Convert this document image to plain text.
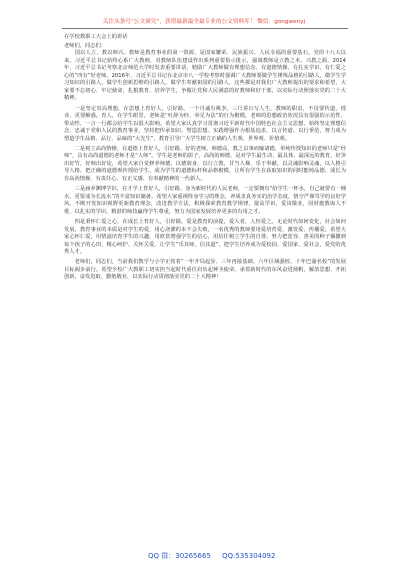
关注头条号“公文研究”，获得最新最全最专业的公文资料库！ 微信：gongwenyj

在学校教职工大会上的讲话

老师们，同志们：

国以人立，教以师兴。教师是教育事业的第一资源、是国家繁荣、民族振兴、人民幸福的重要基石，党的十八大以来，习近平总书记始终心系广大教师，对教师队伍建设作出系列重要指示批示，强调教师是立教之本、兴教之源。2014年，习近平总书记考察北京师范大学时发表重要讲话，勉励广大教师做有理想信念、有道德情操、有扎实学识、有仁爱之心的“四有”好老师。2016年，习近平总书记在北京市八一学校考察时强调广大教师要做学生锤炼品格的引路人，做学生学习知识的引路人，做学生创新思维的引路人，做学生奉献祖国的引路人。这些都是对我们广大教师提出的要求和希望，大家要不忘初心、牢记使命，扎根教育、培养学生，争做让党和人民满意的好教师和好干部，以实际行动照落实党的二十大精神。

一是坚定崇高理想，在思想上育好人，引好路。一个丹诚有桃李，三尺讲台写人生，教师的职责，不仅要传道、授业，更要解惑，育人，在学生眼里，老师是“吐辞为经、举足为法”的行为楷模，老师的思想政治状况具有很强的示范性、带动性，一言一行都会给学生以很大影响。希望大家认真学习贯彻习近平新时代中国特色社会主义思想，始终坚定理想信念，忠诚于党和人民的教育事业，坚持把传承知识、塑造思想、实践增强作为根基追求，以言传道、以行垂范，努力成为塑造学生品格、品行、品味的“大先生”，教育引导广大学生树立正确的人生观、世界观、价值观。

二是树立高尚情操，在道德上育好人，引好路。好的老师，师德高，教之以事而喻诸德，单纯传授知识的老师只是“经师”，具有高尚道德的老师才是“人师”。学生是老师的影子，高尚的师德，是对学生最生动、最具体、最深远的教育，好笋出好竹，好师出好徒，希望大家自觉修养师德，以德润身、以行立教，甘当人梯、乐于奉献，以灵魂影响灵魂，以人格引导人格，把正确的道德观传授给学生，成为学生的道德标杆和品格楷模，让所有学生在获取知识的同时能铸品德，成长为有高尚情操、有责任心、有正义感、有奉献精神的一代新人。

三是涵养渊博学识，在才学上育好人，引好路。身为新时代的人民老师，一定要拥有“给学生一杯水，自己就要有一桶水，更要成为长流水”的丰富知识储备。希望大家重视终身学习的理念，养成求真务实的治学态度，恪守严谨笃学的良好学风，不断开发知识视野更新教育理念，改进教学方法，积极探索教育教学规律，提高学识，爱岗敬业，因材施教诲人不倦，以扎实的学识，精湛的师技赢得学生尊重，努力为国家发展培养更多的有用之才。

四是秉怀仁爱之心，在成长上育好人，引好路。爱是教育的前提，爱人者，人恒爱之。无论时代如何变化，社会如何发展，教育事业的本质是对学生的爱，用心浇灌的本不会失败，一名优秀的教师要用爱培育爱、激发爱、传播爱。希望大家心怀仁爱，用情滋培育学生的兴趣，用欣赏增强学生的信心，用信任树立学生的自尊，努力把宽容、善美的种子播撒到每个孩子的心田，精心呵护、关怀关爱，让学生“乐其师，信其道”，把学生培养成为爱校园、爱国家、爱社会，爱党的优秀人才。

老师们，同志们，当前我们教学与小学正按着“一年开局起步、三年再接基础、六年区域强校、十年巴渝名校”的发展目标阔步前行。希望全校广大教职工切实担当起时代重任肩负起神圣使命，承着新时代的东风奋进扬帆，解放思想、开拓创新，奋发进取、勤勉敬业，以实际行动贯彻落实党的二十大精神！

QQ 群：30265665 QQ:535304092
